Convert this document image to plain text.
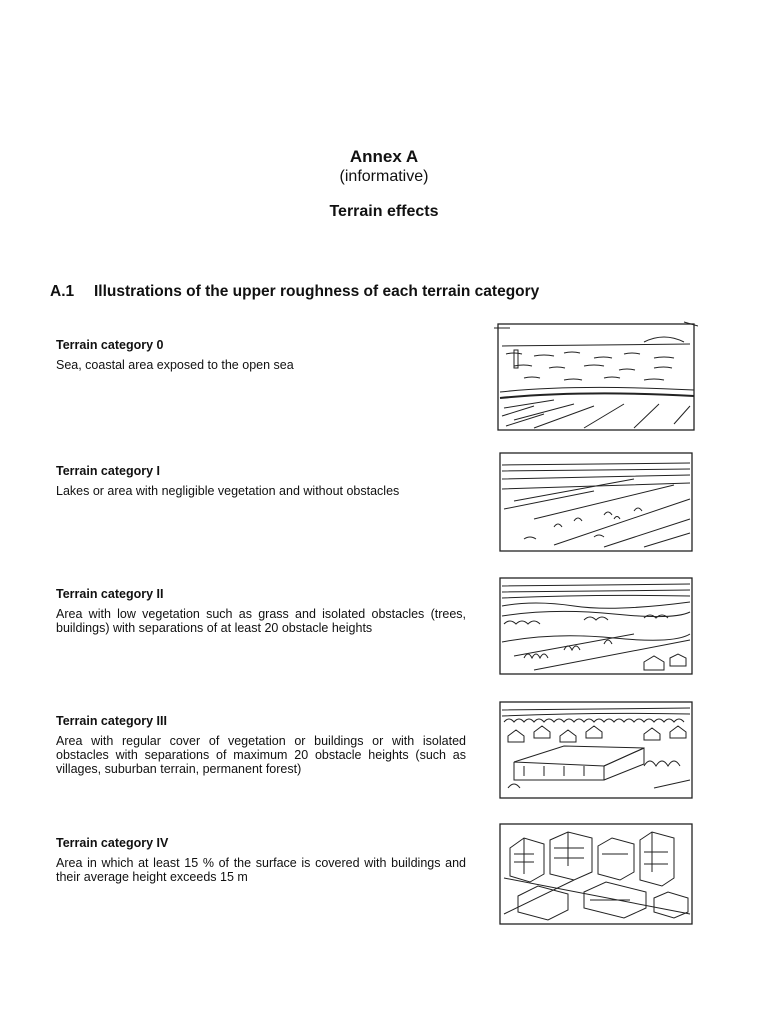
Annex A
(informative)
Terrain effects
A.1 Illustrations of the upper roughness of each terrain category
Terrain category 0
Sea, coastal area exposed to the open sea
Terrain category I
Lakes or area with negligible vegetation and without obstacles
Terrain category II
Area with low vegetation such as grass and isolated obstacles (trees, buildings) with separations of at least 20 obstacle heights
Terrain category III
Area with regular cover of vegetation or buildings or with isolated obstacles with separations of maximum 20 obstacle heights (such as villages, suburban terrain, permanent forest)
Terrain category IV
Area in which at least 15 % of the surface is covered with buildings and their average height exceeds 15 m
